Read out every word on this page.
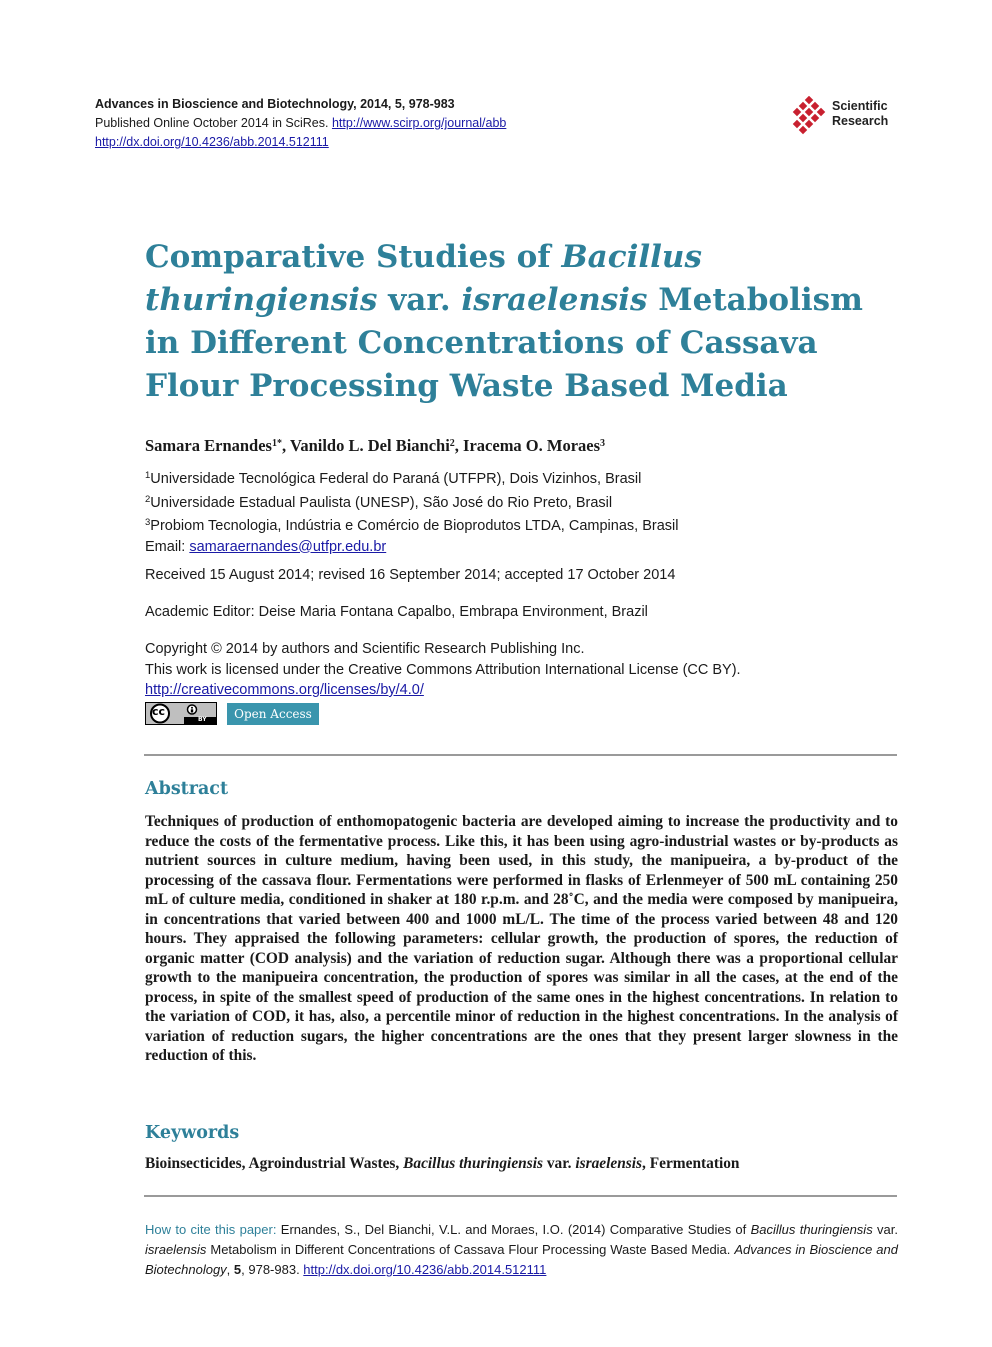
Advances in Bioscience and Biotechnology, 2014, 5, 978-983
Published Online October 2014 in SciRes. http://www.scirp.org/journal/abb
http://dx.doi.org/10.4236/abb.2014.512111
Scientific
Research
Comparative Studies of Bacillus
thuringiensis var. israelensis Metabolism in Different Concentrations of Cassava Flour Processing Waste Based Media
Samara Ernandes$^{1*}$, Vanildo L. Del Bianchi$^2$, Iracema O. Moraes$^3$
$^1$Universidade Tecnológica Federal do Paraná (UTFPR), Dois Vizinhos, Brasil
$^2$Universidade Estadual Paulista (UNESP), São José do Rio Preto, Brasil
$^3$Probiom Tecnologia, Indústria e Comércio de Bioprodutos LTDA, Campinas, Brasil
Email: samaraernandes@utfpr.edu.br
Received 15 August 2014; revised 16 September 2014; accepted 17 October 2014
Academic Editor: Deise Maria Fontana Capalbo, Embrapa Environment, Brazil
Copyright © 2014 by authors and Scientific Research Publishing Inc.
This work is licensed under the Creative Commons Attribution International License (CC BY).
http://creativecommons.org/licenses/by/4.0/
cc
BY	Open Access
Abstract
Techniques of production of enthomopatogenic bacteria are developed aiming to increase the productivity and to reduce the costs of the fermentative process. Like this, it has been using agro-industrial wastes or by-products as nutrient sources in culture medium, having been used, in this study, the manipueira, a by-product of the processing of the cassava flour. Fermentations were performed in flasks of Erlenmeyer of 500 mL containing 250 mL of culture media, conditioned in shaker at 180 r.p.m. and 28˚C, and the media were composed by manipueira, in concentrations that varied between 400 and 1000 mL/L. The time of the process varied between 48 and 120 hours. They appraised the following parameters: cellular growth, the production of spores, the reduction of organic matter (COD analysis) and the variation of reduction sugar. Although there was a proportional cellular growth to the manipueira concentration, the production of spores was similar in all the cases, at the end of the process, in spite of the smallest speed of production of the same ones in the highest concentrations. In relation to the variation of COD, it has, also, a percentile minor of reduction in the highest concentrations. In the analysis of variation of reduction sugars, the higher concentrations are the ones that they present larger slowness in the reduction of this.
Keywords
Bioinsecticides, Agroindustrial Wastes, Bacillus thuringiensis var. israelensis, Fermentation
How to cite this paper: Ernandes, S., Del Bianchi, V.L. and Moraes, I.O. (2014) Comparative Studies of Bacillus thuringiensis var. israelensis Metabolism in Different Concentrations of Cassava Flour Processing Waste Based Media. Advances in Bioscience and Biotechnology, 5, 978-983. http://dx.doi.org/10.4236/abb.2014.512111
